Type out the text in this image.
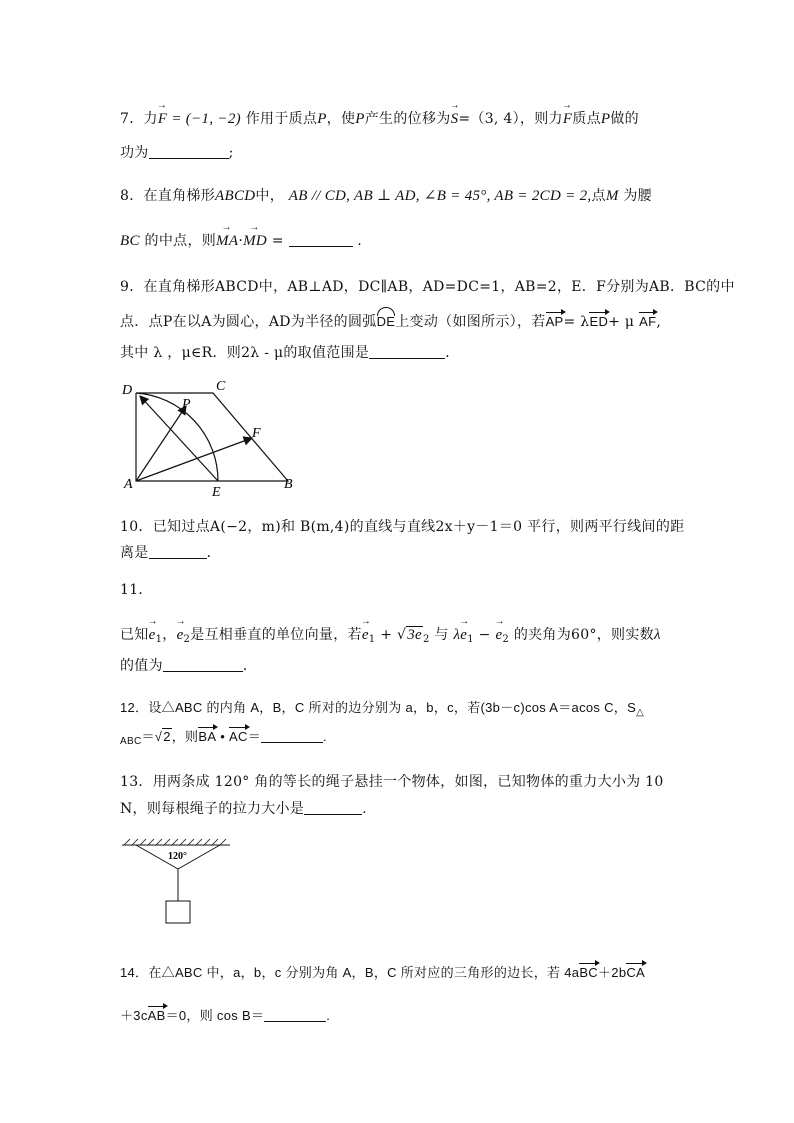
7．力→ F = (−1, −2) 作用于质点P，使P产生的位移为→ S=（3, 4），则力→ F质点P做的
功为	;
8．在直角梯形ABCD中， AB // CD, AB ⊥ AD, ∠B = 45°, AB = 2CD = 2,点M 为腰
BC 的中点，则→ MA·→ MD =	.
9．在直角梯形ABCD中，AB⊥AD，DC∥AB，AD=DC=1，AB=2，E．F分别为AB．BC的中
点．点P在以A为圆心，AD为半径的圆弧DE上变动（如图所示），若AP= λED+ μ AF,
其中 λ ，μ∈R．则2λ - μ的取值范围是	．
D	C
P
F
A
E
B
10．已知过点A(−2，m)和 B(m,4)的直线与直线2x＋y－1＝0 平行，则两平行线间的距
离是	．
11．
已知→ $e_1$，→ $e_2$是互相垂直的单位向量，若→ $e_1 + √3e_2$ 与 $\lambda\to e_1$ − → $e_2$ 的夹角为60°，则实数λ
的值为	．
12．设△ABC 的内角 A，B，C 所对的边分别为 a，b，c，若(3b－c)cos A＝acos C，$S_\triangle$
$_{ABC}$＝√2，则BA • AC＝	.
13．用两条成 120° 角的等长的绳子悬挂一个物体，如图，已知物体的重力大小为 10
N，则每根绳子的拉力大小是	.
120°
14．在△ABC 中，a，b，c 分别为角 A，B，C 所对应的三角形的边长，若 4aBC＋2bCA
＋3cAB＝0，则 cos B＝	.
